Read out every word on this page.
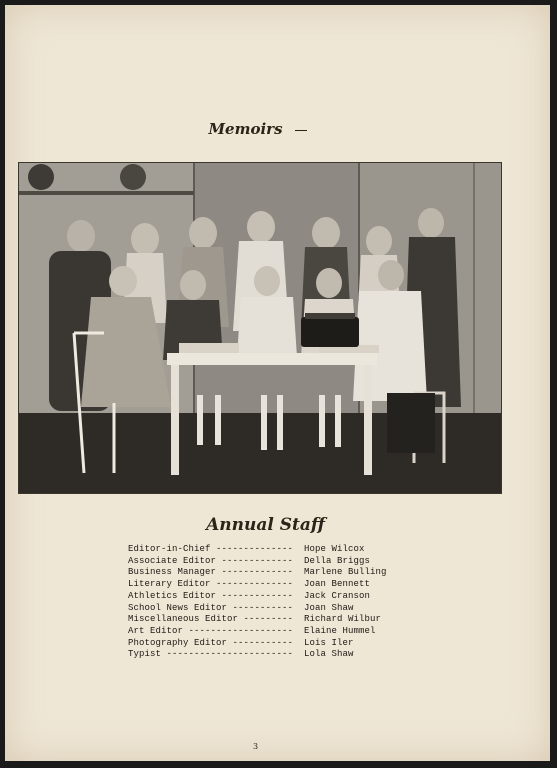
Memoirs
Annual Staff
Editor-in-Chief --------------	Hope Wilcox
Associate Editor -------------	Della Briggs
Business Manager -------------	Marlene Bulling
Literary Editor --------------	Joan Bennett
Athletics Editor -------------	Jack Cranson
School News Editor -----------	Joan Shaw
Miscellaneous Editor ---------	Richard Wilbur
Art Editor -------------------	Elaine Hummel
Photography Editor -----------	Lois Iler
Typist -----------------------	Lola Shaw
3
